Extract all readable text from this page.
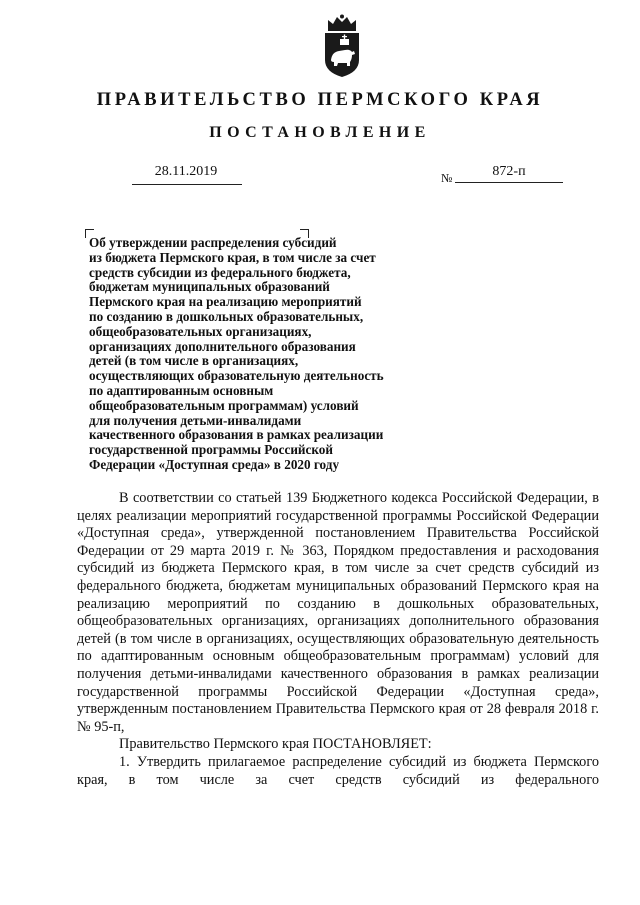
ПРАВИТЕЛЬСТВО ПЕРМСКОГО КРАЯ
ПОСТАНОВЛЕНИЕ
28.11.2019	№	872-п
Об утверждении распределения субсидий
из бюджета Пермского края, в том числе за счет
средств субсидии из федерального бюджета,
бюджетам муниципальных образований
Пермского края на реализацию мероприятий
по созданию в дошкольных образовательных,
общеобразовательных организациях,
организациях дополнительного образования
детей (в том числе в организациях,
осуществляющих образовательную деятельность
по адаптированным основным
общеобразовательным программам) условий
для получения детьми-инвалидами
качественного образования в рамках реализации
государственной программы Российской
Федерации «Доступная среда» в 2020 году

В соответствии со статьей 139 Бюджетного кодекса Российской Федерации, в целях реализации мероприятий государственной программы Российской Федерации «Доступная среда», утвержденной постановлением Правительства Российской Федерации от 29 марта 2019 г. № 363, Порядком предоставления и расходования субсидий из бюджета Пермского края, в том числе за счет средств субсидий из федерального бюджета, бюджетам муниципальных образований Пермского края на реализацию мероприятий по созданию в дошкольных образовательных, общеобразовательных организациях, организациях дополнительного образования детей (в том числе в организациях, осуществляющих образовательную деятельность по адаптированным основным общеобразовательным программам) условий для получения детьми-инвалидами качественного образования в рамках реализации государственной программы Российской Федерации «Доступная среда», утвержденным постановлением Правительства Пермского края от 28 февраля 2018 г. № 95-п,

Правительство Пермского края ПОСТАНОВЛЯЕТ:

1. Утвердить прилагаемое распределение субсидий из бюджета Пермского края, в том числе за счет средств субсидий из федерального
